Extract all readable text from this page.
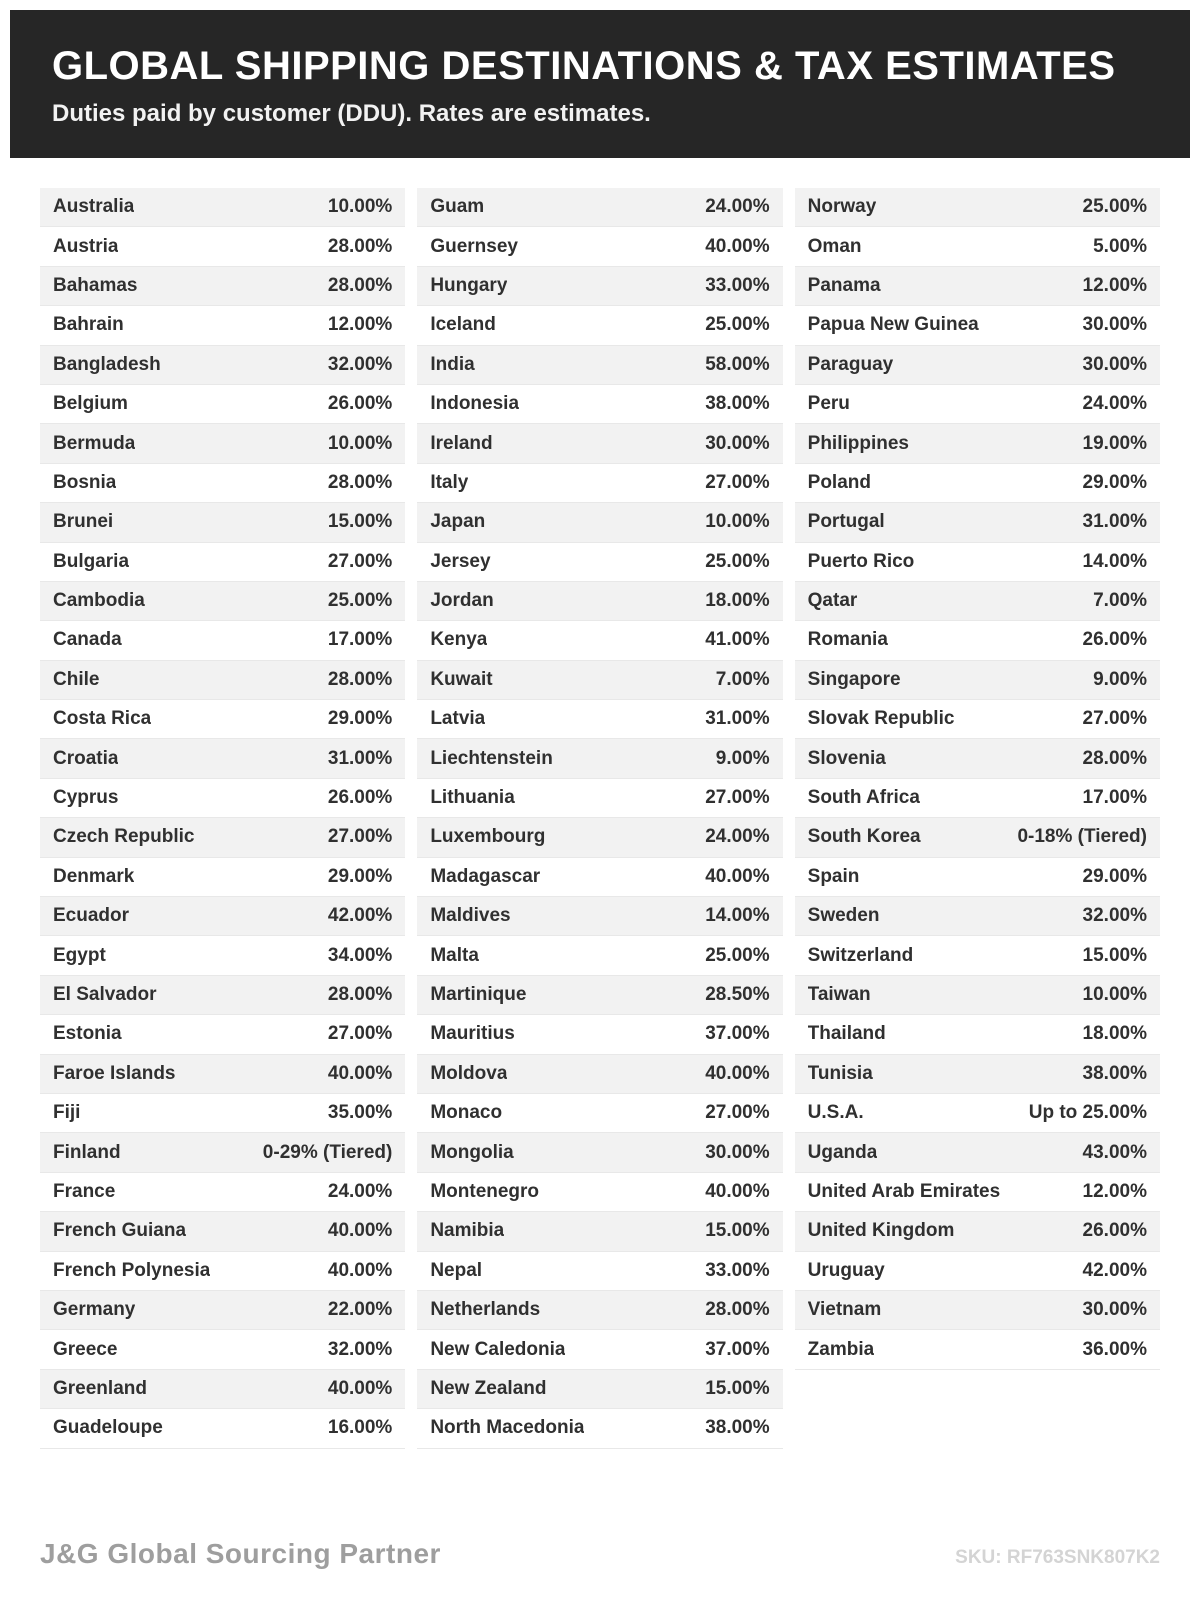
GLOBAL SHIPPING DESTINATIONS & TAX ESTIMATES

Duties paid by customer (DDU). Rates are estimates.

Australia	10.00%
Austria	28.00%
Bahamas	28.00%
Bahrain	12.00%
Bangladesh	32.00%
Belgium	26.00%
Bermuda	10.00%
Bosnia	28.00%
Brunei	15.00%
Bulgaria	27.00%
Cambodia	25.00%
Canada	17.00%
Chile	28.00%
Costa Rica	29.00%
Croatia	31.00%
Cyprus	26.00%
Czech Republic	27.00%
Denmark	29.00%
Ecuador	42.00%
Egypt	34.00%
El Salvador	28.00%
Estonia	27.00%
Faroe Islands	40.00%
Fiji	35.00%
Finland	0-29% (Tiered)
France	24.00%
French Guiana	40.00%
French Polynesia	40.00%
Germany	22.00%
Greece	32.00%
Greenland	40.00%
Guadeloupe	16.00%
Guam	24.00%
Guernsey	40.00%
Hungary	33.00%
Iceland	25.00%
India	58.00%
Indonesia	38.00%
Ireland	30.00%
Italy	27.00%
Japan	10.00%
Jersey	25.00%
Jordan	18.00%
Kenya	41.00%
Kuwait	7.00%
Latvia	31.00%
Liechtenstein	9.00%
Lithuania	27.00%
Luxembourg	24.00%
Madagascar	40.00%
Maldives	14.00%
Malta	25.00%
Martinique	28.50%
Mauritius	37.00%
Moldova	40.00%
Monaco	27.00%
Mongolia	30.00%
Montenegro	40.00%
Namibia	15.00%
Nepal	33.00%
Netherlands	28.00%
New Caledonia	37.00%
New Zealand	15.00%
North Macedonia	38.00%
Norway	25.00%
Oman	5.00%
Panama	12.00%
Papua New Guinea	30.00%
Paraguay	30.00%
Peru	24.00%
Philippines	19.00%
Poland	29.00%
Portugal	31.00%
Puerto Rico	14.00%
Qatar	7.00%
Romania	26.00%
Singapore	9.00%
Slovak Republic	27.00%
Slovenia	28.00%
South Africa	17.00%
South Korea	0-18% (Tiered)
Spain	29.00%
Sweden	32.00%
Switzerland	15.00%
Taiwan	10.00%
Thailand	18.00%
Tunisia	38.00%
U.S.A.	Up to 25.00%
Uganda	43.00%
United Arab Emirates	12.00%
United Kingdom	26.00%
Uruguay	42.00%
Vietnam	30.00%
Zambia	36.00%
J&G Global Sourcing Partner	SKU: RF763SNK807K2
